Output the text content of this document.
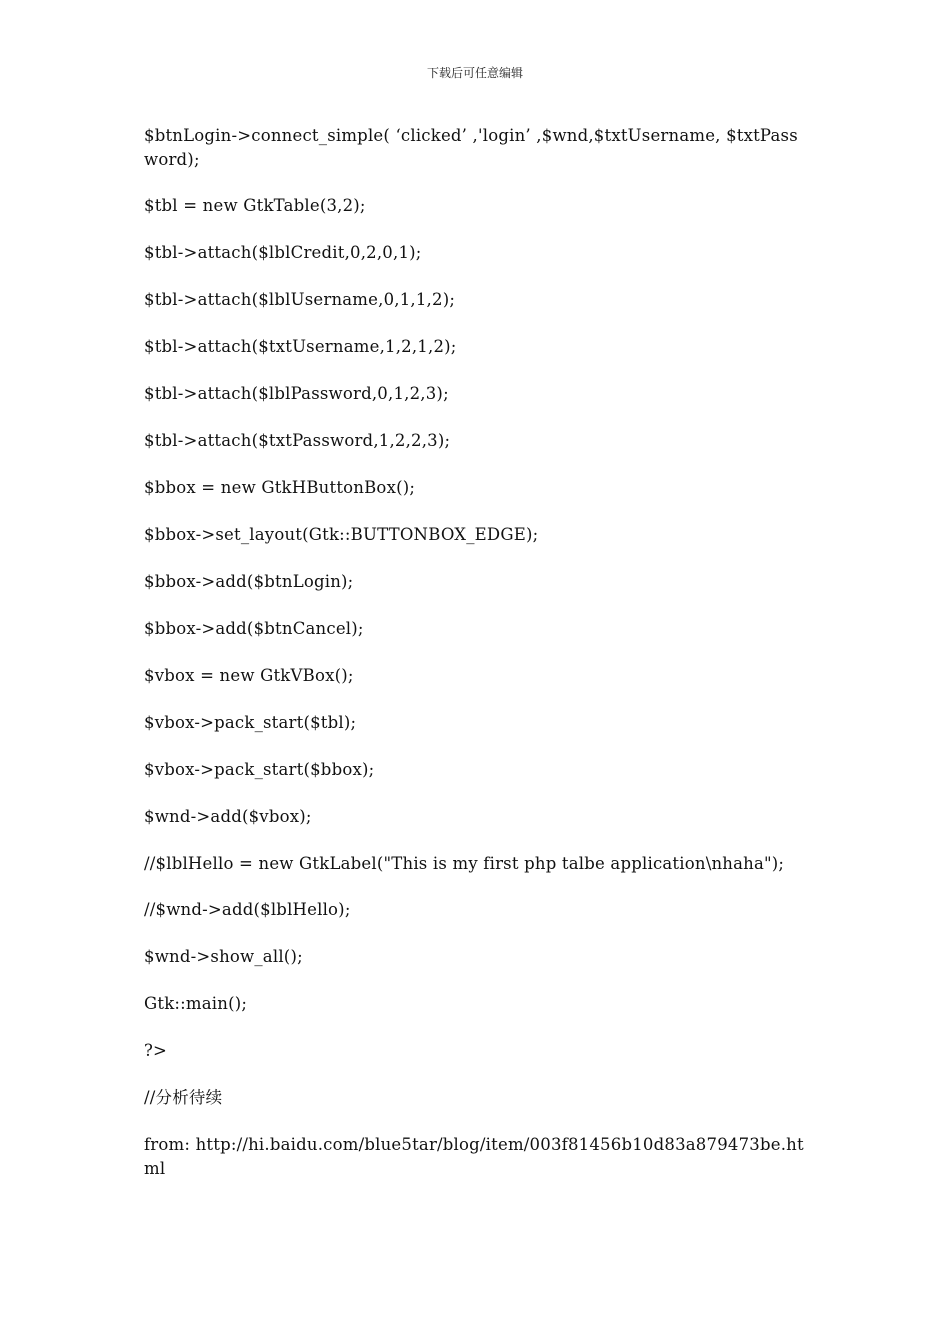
下载后可任意编辑

$btnLogin->connect_simple( ‘clicked’ ,'login’ ,$wnd,$txtUsername, $txtPassword);

$tbl = new GtkTable(3,2);

$tbl->attach($lblCredit,0,2,0,1);

$tbl->attach($lblUsername,0,1,1,2);

$tbl->attach($txtUsername,1,2,1,2);

$tbl->attach($lblPassword,0,1,2,3);

$tbl->attach($txtPassword,1,2,2,3);

$bbox = new GtkHButtonBox();

$bbox->set_layout(Gtk::BUTTONBOX_EDGE);

$bbox->add($btnLogin);

$bbox->add($btnCancel);

$vbox = new GtkVBox();

$vbox->pack_start($tbl);

$vbox->pack_start($bbox);

$wnd->add($vbox);

//$lblHello = new GtkLabel("This is my first php talbe application\nhaha");

//$wnd->add($lblHello);

$wnd->show_all();

Gtk::main();

?>

//分析待续

from: http://hi.baidu.com/blue5tar/blog/item/003f81456b10d83a879473be.html
